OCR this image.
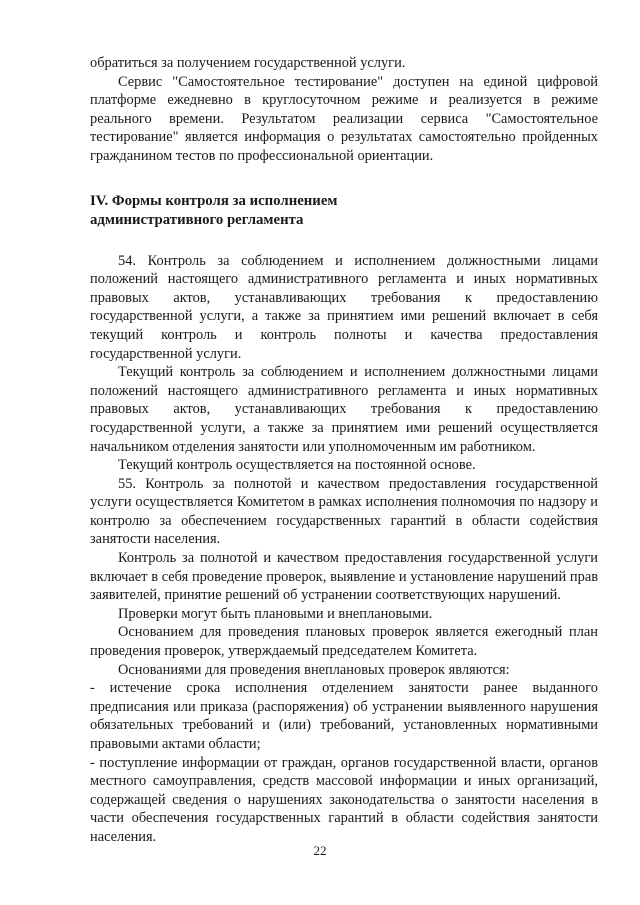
обратиться за получением государственной услуги.

Сервис "Самостоятельное тестирование" доступен на единой цифровой платформе ежедневно в круглосуточном режиме и реализуется в режиме реального времени. Результатом реализации сервиса "Самостоятельное тестирование" является информация о результатах самостоятельно пройденных гражданином тестов по профессиональной ориентации.

IV. Формы контроля за исполнением

административного регламента

54. Контроль за соблюдением и исполнением должностными лицами положений настоящего административного регламента и иных нормативных правовых актов, устанавливающих требования к предоставлению государственной услуги, а также за принятием ими решений включает в себя текущий контроль и контроль полноты и качества предоставления государственной услуги.

Текущий контроль за соблюдением и исполнением должностными лицами положений настоящего административного регламента и иных нормативных правовых актов, устанавливающих требования к предоставлению государственной услуги, а также за принятием ими решений осуществляется начальником отделения занятости или уполномоченным им работником.

Текущий контроль осуществляется на постоянной основе.

55. Контроль за полнотой и качеством предоставления государственной услуги осуществляется Комитетом в рамках исполнения полномочия по надзору и контролю за обеспечением государственных гарантий в области содействия занятости населения.

Контроль за полнотой и качеством предоставления государственной услуги включает в себя проведение проверок, выявление и установление нарушений прав заявителей, принятие решений об устранении соответствующих нарушений.

Проверки могут быть плановыми и внеплановыми.

Основанием для проведения плановых проверок является ежегодный план проведения проверок, утверждаемый председателем Комитета.

Основаниями для проведения внеплановых проверок являются:

- истечение срока исполнения отделением занятости ранее выданного предписания или приказа (распоряжения) об устранении выявленного нарушения обязательных требований и (или) требований, установленных нормативными правовыми актами области;

- поступление информации от граждан, органов государственной власти, органов местного самоуправления, средств массовой информации и иных организаций, содержащей сведения о нарушениях законодательства о занятости населения в части обеспечения государственных гарантий в области содействия занятости населения.

22
